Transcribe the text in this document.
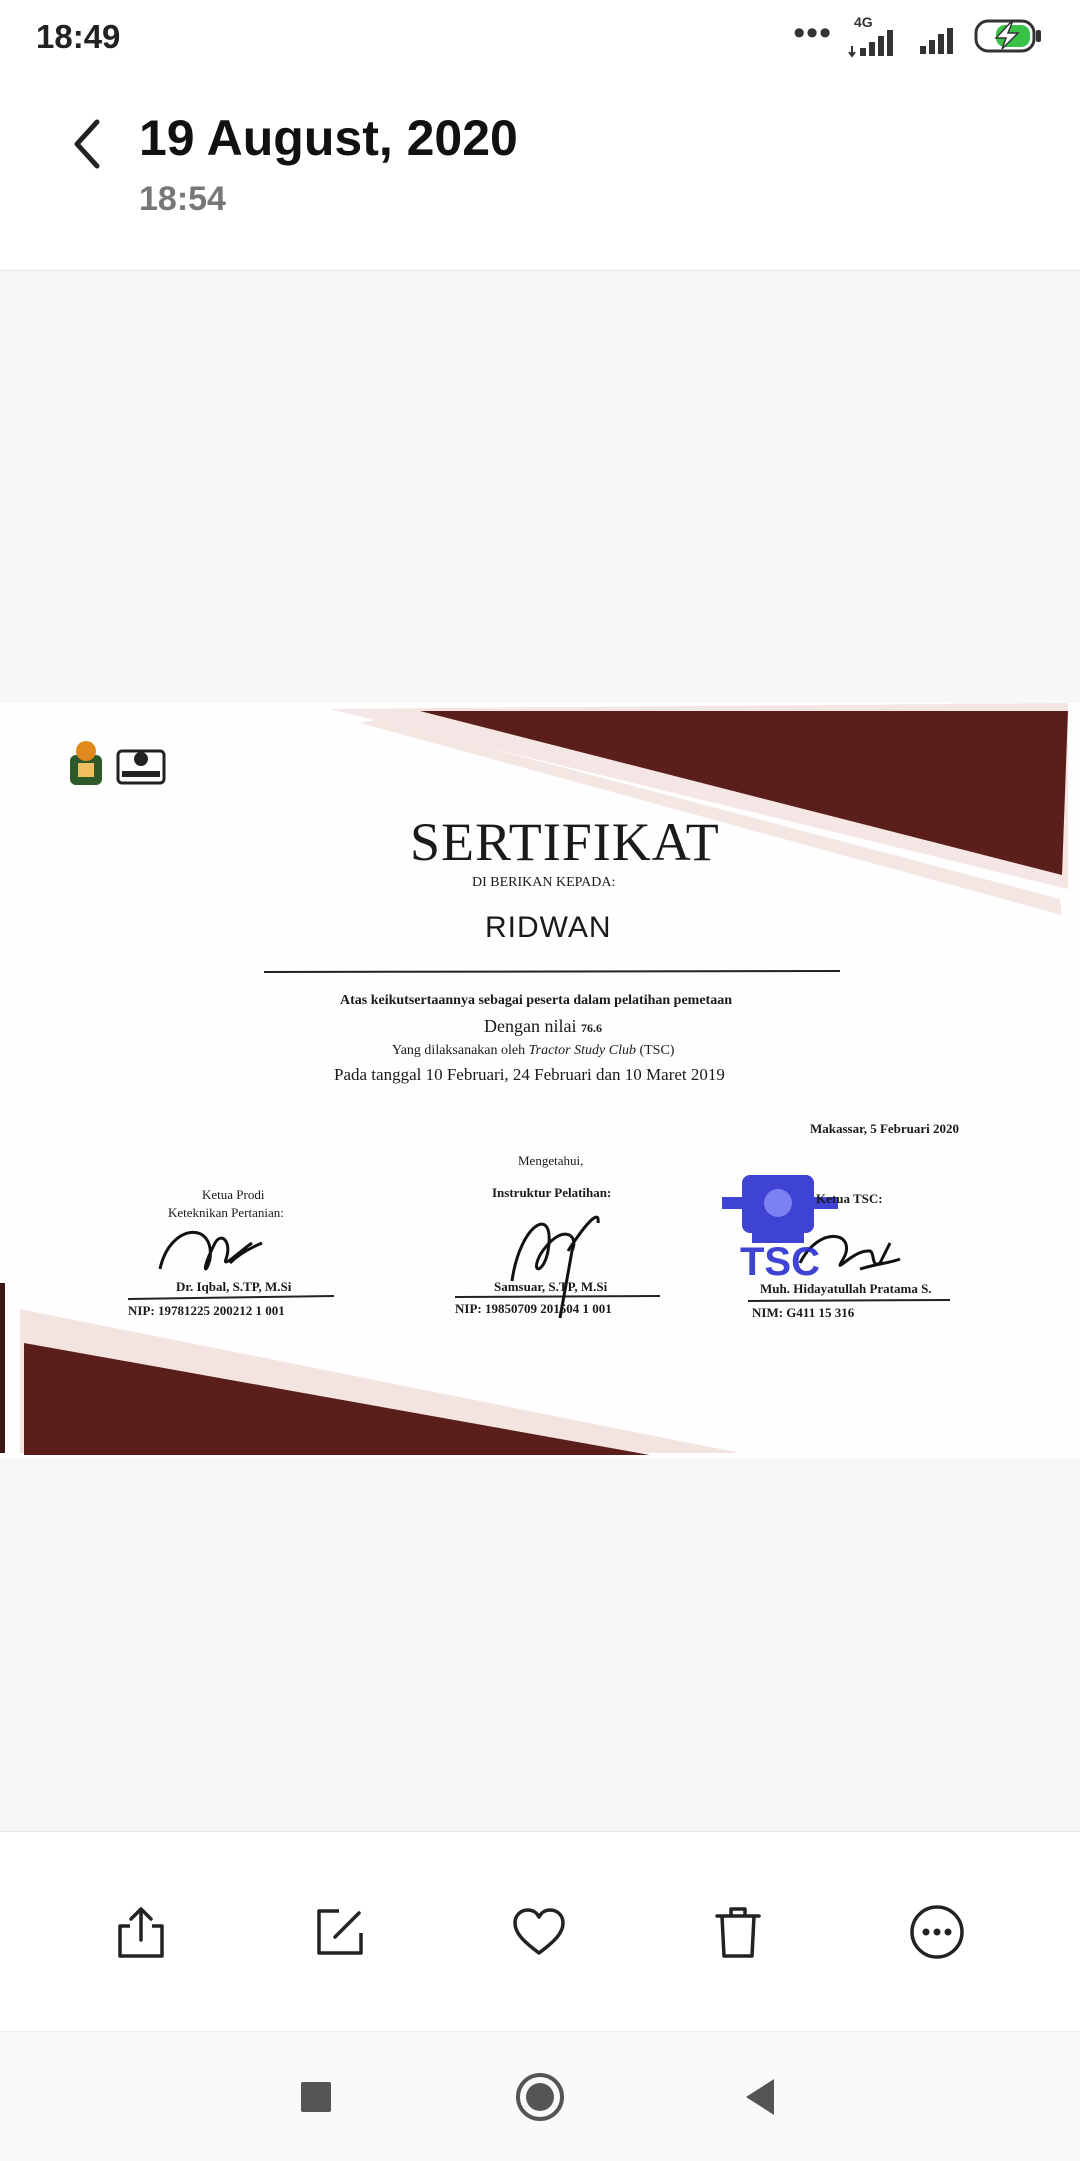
18:49	••• 4G
19 August, 2020
18:54
TSC
SERTIFIKAT
DI BERIKAN KEPADA:
RIDWAN
Atas keikutsertaannya sebagai peserta dalam pelatihan pemetaan
Dengan nilai 76.6
Yang dilaksanakan oleh Tractor Study Club (TSC)
Pada tanggal 10 Februari, 24 Februari dan 10 Maret 2019
Makassar, 5 Februari 2020
Mengetahui,
Ketua Prodi
Keteknikan Pertanian:
Dr. Iqbal, S.TP, M.Si
NIP: 19781225 200212 1 001
Instruktur Pelatihan:
Samsuar, S.TP, M.Si
NIP: 19850709 201504 1 001
Ketua TSC:
Muh. Hidayatullah Pratama S.
NIM: G411 15 316
